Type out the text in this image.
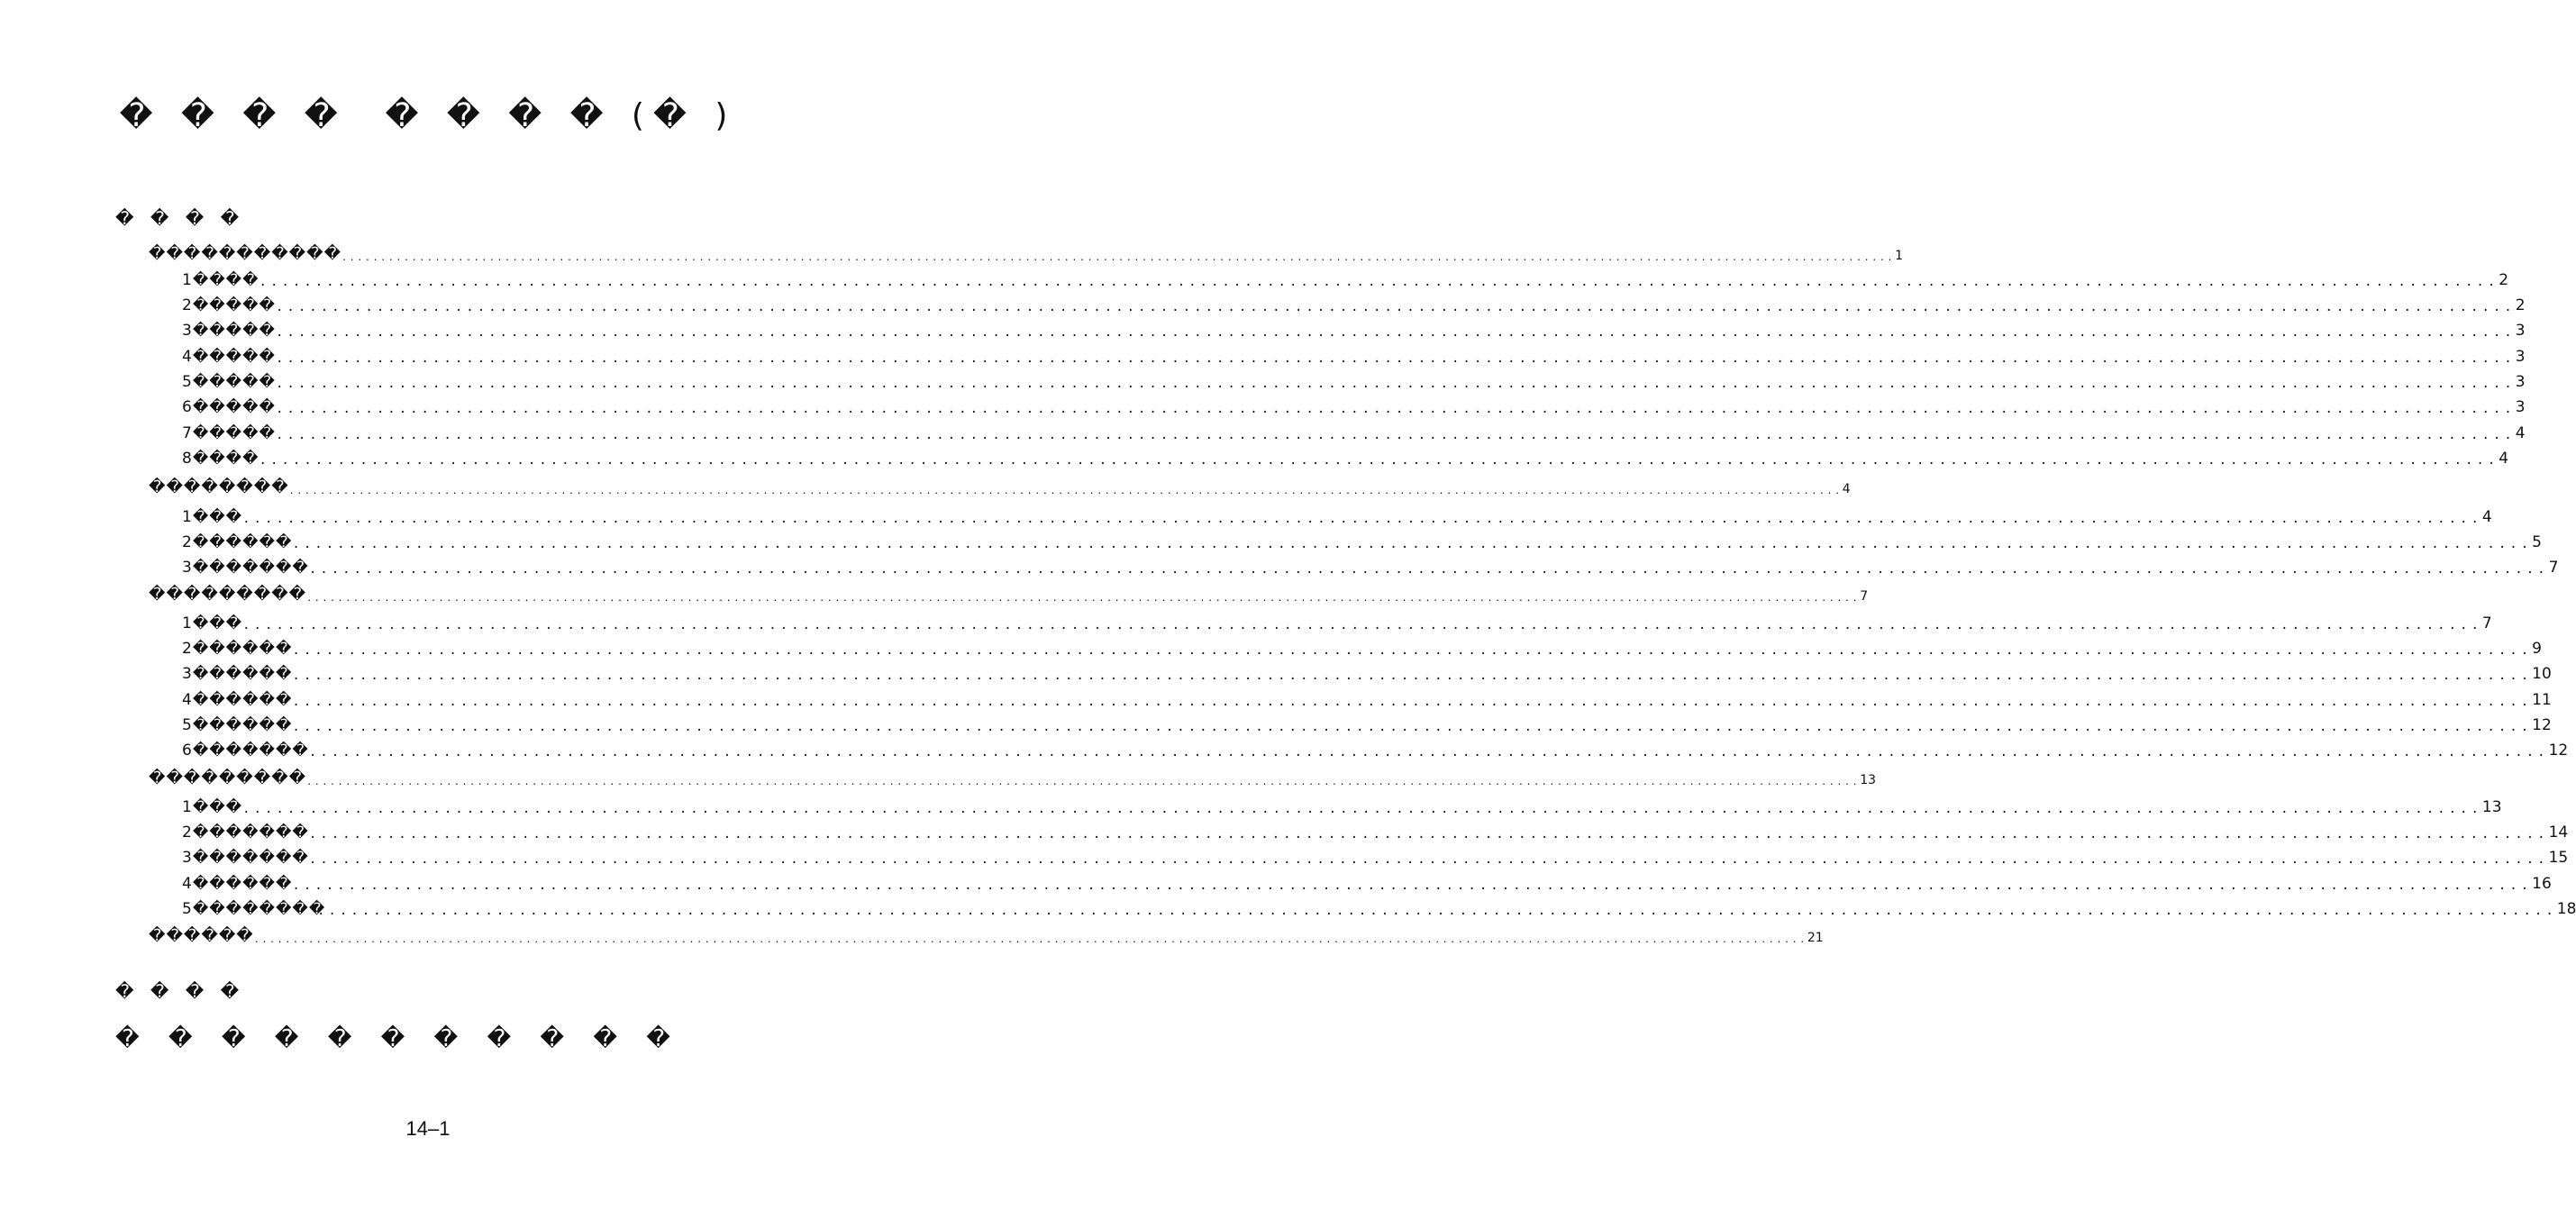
� � � �  � � � � (� )
� � � �
����������� ........................................................................................................................................................................................................ 1
1���� ........................................................................................................................................................................................................ 2
2����� ........................................................................................................................................................................................................ 2
3����� ........................................................................................................................................................................................................ 3
4����� ........................................................................................................................................................................................................ 3
5����� ........................................................................................................................................................................................................ 3
6����� ........................................................................................................................................................................................................ 3
7����� ........................................................................................................................................................................................................ 4
8���� ........................................................................................................................................................................................................ 4
�������� ........................................................................................................................................................................................................ 4
1��� ........................................................................................................................................................................................................ 4
2������ ........................................................................................................................................................................................................ 5
3������� ........................................................................................................................................................................................................ 7
��������� ........................................................................................................................................................................................................ 7
1��� ........................................................................................................................................................................................................ 7
2������ ........................................................................................................................................................................................................ 9
3������ ........................................................................................................................................................................................................ 10
4������ ........................................................................................................................................................................................................ 11
5������ ........................................................................................................................................................................................................ 12
6������� ........................................................................................................................................................................................................ 12
��������� ........................................................................................................................................................................................................ 13
1��� ........................................................................................................................................................................................................ 13
2������� ........................................................................................................................................................................................................ 14
3������� ........................................................................................................................................................................................................ 15
4������ ........................................................................................................................................................................................................ 16
5��������
........................................................................................................................................................................................................ 18
������ ........................................................................................................................................................................................................ 21
� � � �
� � � � � � � � � � �
14–1
